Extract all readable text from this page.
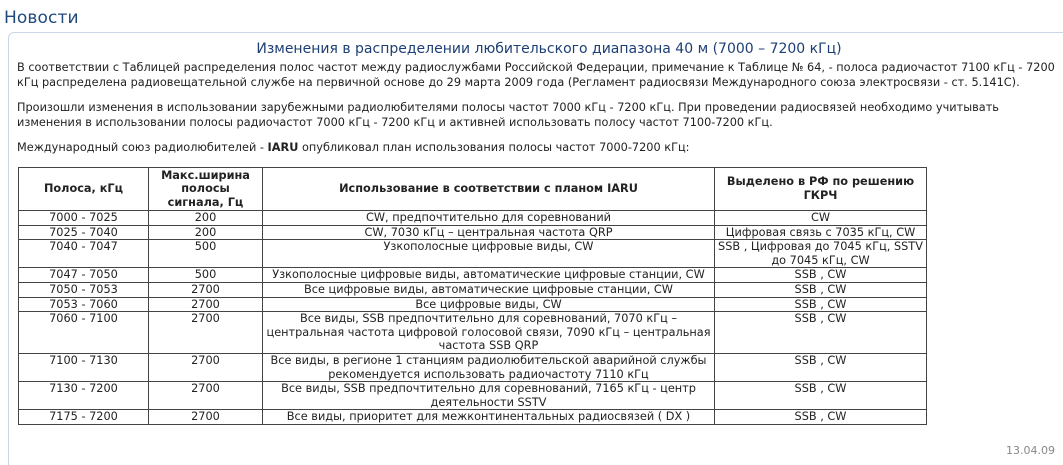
Новости
Изменения в распределении любительского диапазона 40 м (7000 – 7200 кГц)
В соответствии с Таблицей распределения полос частот между радиослужбами Российской Федерации, примечание к Таблице № 64, - полоса радиочастот 7100 кГц - 7200 кГц распределена радиовещательной службе на первичной основе до 29 марта 2009 года (Регламент радиосвязи Международного союза электросвязи - ст. 5.141С).
Произошли изменения в использовании зарубежными радиолюбителями полосы частот 7000 кГц - 7200 кГц. При проведении радиосвязей необходимо учитывать изменения в использовании полосы радиочастот 7000 кГц - 7200 кГц и активней использовать полосу частот 7100-7200 кГц.
Международный союз радиолюбителей - IARU опубликовал план использования полосы частот 7000-7200 кГц:
Полоса, кГц	Макс.ширина полосы сигнала, Гц	Использование в соответствии с планом IARU	Выделено в РФ по решению ГКРЧ
7000 - 7025	200	CW, предпочтительно для соревнований	CW
7025 - 7040	200	CW, 7030 кГц – центральная частота QRP	Цифровая связь с 7035 кГц, CW
7040 - 7047	500	Узкополосные цифровые виды, CW	SSB , Цифровая до 7045 кГц, SSTV до 7045 кГц, CW
7047 - 7050	500	Узкополосные цифровые виды, автоматические цифровые станции, CW	SSB , CW
7050 - 7053	2700	Все цифровые виды, автоматические цифровые станции, CW	SSB , CW
7053 - 7060	2700	Все цифровые виды, CW	SSB , CW
7060 - 7100	2700	Все виды, SSB предпочтительно для соревнований, 7070 кГц – центральная частота цифровой голосовой связи, 7090 кГц – центральная частота SSB QRP	SSB , CW
7100 - 7130	2700	Все виды, в регионе 1 станциям радиолюбительской аварийной службы рекомендуется использовать радиочастоту 7110 кГц	SSB , CW
7130 - 7200	2700	Все виды, SSB предпочтительно для соревнований, 7165 кГц - центр деятельности SSTV	SSB , CW
7175 - 7200	2700	Все виды, приоритет для межконтинентальных радиосвязей ( DX )	SSB , CW
13.04.09
